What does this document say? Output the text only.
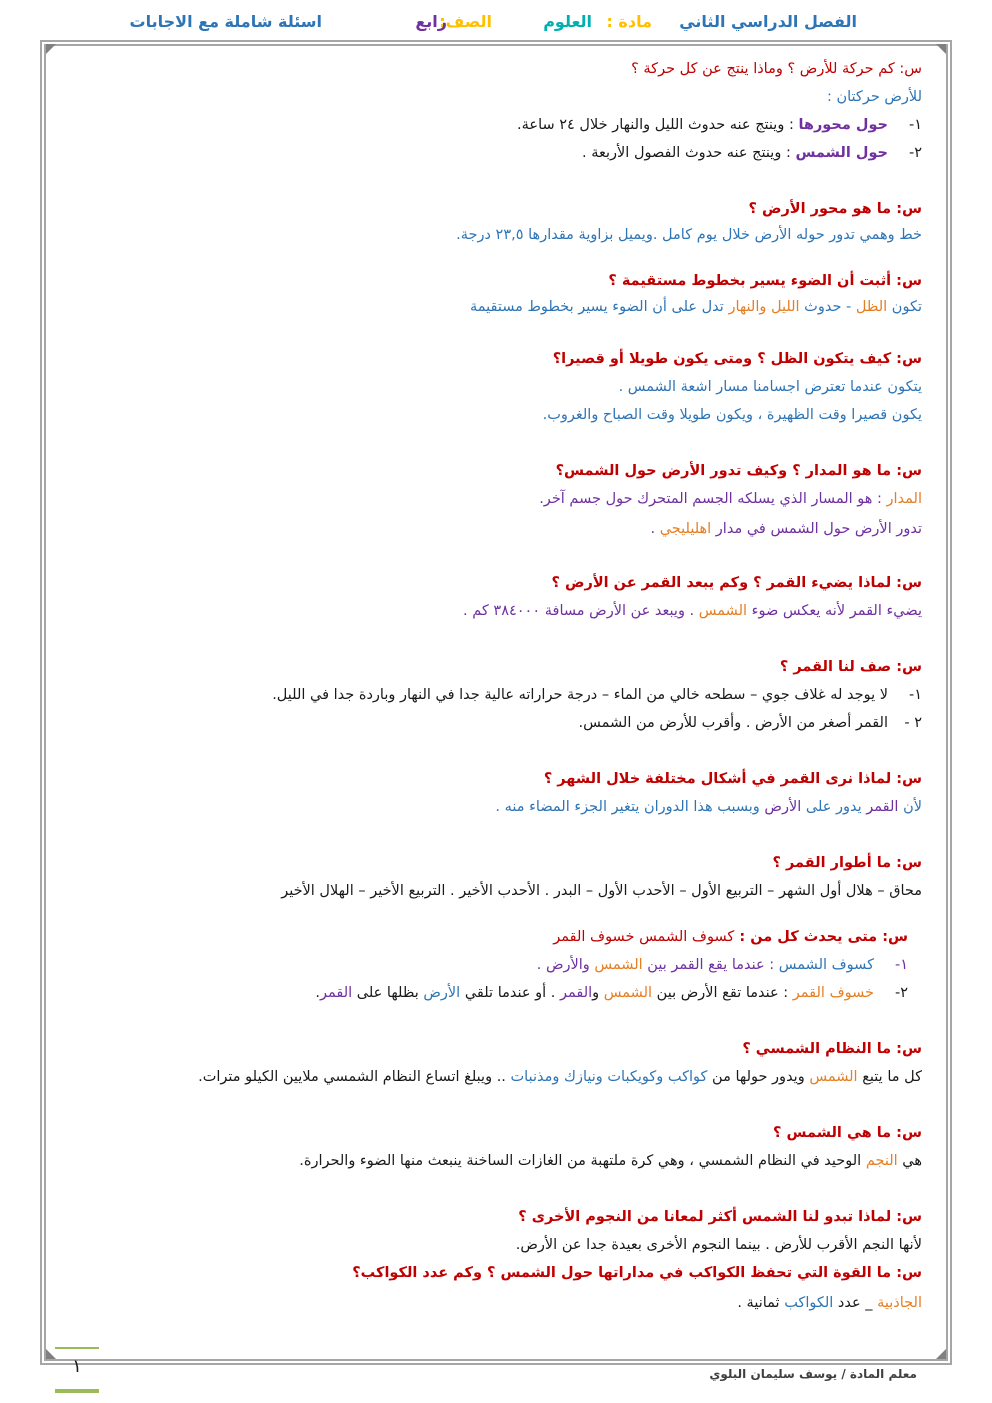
الفصل الدراسي الثاني
مادة :
العلوم
الصف:
رابع
اسئلة شاملة مع الاجابات
س: كم حركة للأرض ؟ وماذا ينتج عن كل حركة ؟
للأرض حركتان :
١-حول محورها : وينتج عنه حدوث الليل والنهار خلال ٢٤ ساعة.
٢-حول الشمس : وينتج عنه حدوث الفصول الأربعة .
س: ما هو محور الأرض ؟
خط وهمي تدور حوله الأرض خلال يوم كامل .ويميل بزاوية مقدارها ٢٣,٥ درجة.
س: أثبت أن الضوء يسير بخطوط مستقيمة ؟
تكون الظل - حدوث الليل والنهار تدل على أن الضوء يسير بخطوط مستقيمة
س: كيف يتكون الظل ؟ ومتى يكون طويلا أو قصيرا؟
يتكون عندما تعترض اجسامنا مسار اشعة الشمس .
يكون قصيرا وقت الظهيرة ، ويكون طويلا وقت الصباح والغروب.
س: ما هو المدار ؟ وكيف تدور الأرض حول الشمس؟
المدار : هو المسار الذي يسلكه الجسم المتحرك حول جسم آخر.
تدور الأرض حول الشمس في مدار اهليليجي .
س: لماذا يضيء القمر ؟ وكم يبعد القمر عن الأرض ؟
يضيء القمر لأنه يعكس ضوء الشمس . ويبعد عن الأرض مسافة ٣٨٤٠٠٠ كم .
س: صف لنا القمر ؟
١-لا يوجد له غلاف جوي – سطحه خالي من الماء – درجة حراراته عالية جدا في النهار وباردة جدا في الليل.
٢ -القمر أصغر من الأرض . وأقرب للأرض من الشمس.
س: لماذا نرى القمر في أشكال مختلفة خلال الشهر ؟
لأن القمر يدور على الأرض وبسبب هذا الدوران يتغير الجزء المضاء منه .
س: ما أطوار القمر ؟
محاق – هلال أول الشهر – التربيع الأول – الأحدب الأول – البدر . الأحدب الأخير . التربيع الأخير – الهلال الأخير
س: متى يحدث كل من : كسوف الشمس خسوف القمر
١-كسوف الشمس : عندما يقع القمر بين الشمس والأرض .
٢-خسوف القمر : عندما تقع الأرض بين الشمس والقمر . أو عندما تلقي الأرض بظلها على القمر.
س: ما النظام الشمسي ؟
كل ما يتبع الشمس ويدور حولها من كواكب وكويكبات ونيازك ومذنبات .. ويبلغ اتساع النظام الشمسي ملايين الكيلو مترات.
س: ما هي الشمس ؟
هي النجم الوحيد في النظام الشمسي ، وهي كرة ملتهبة من الغازات الساخنة ينبعث منها الضوء والحرارة.
س: لماذا تبدو لنا الشمس أكثر لمعانا من النجوم الأخرى ؟
لأنها النجم الأقرب للأرض . بينما النجوم الأخرى بعيدة جدا عن الأرض.
س: ما القوة التي تحفظ الكواكب في مداراتها حول الشمس ؟ وكم عدد الكواكب؟
الجاذبية _ عدد الكواكب ثمانية .
معلم المادة / يوسف سليمان البلوي
١
